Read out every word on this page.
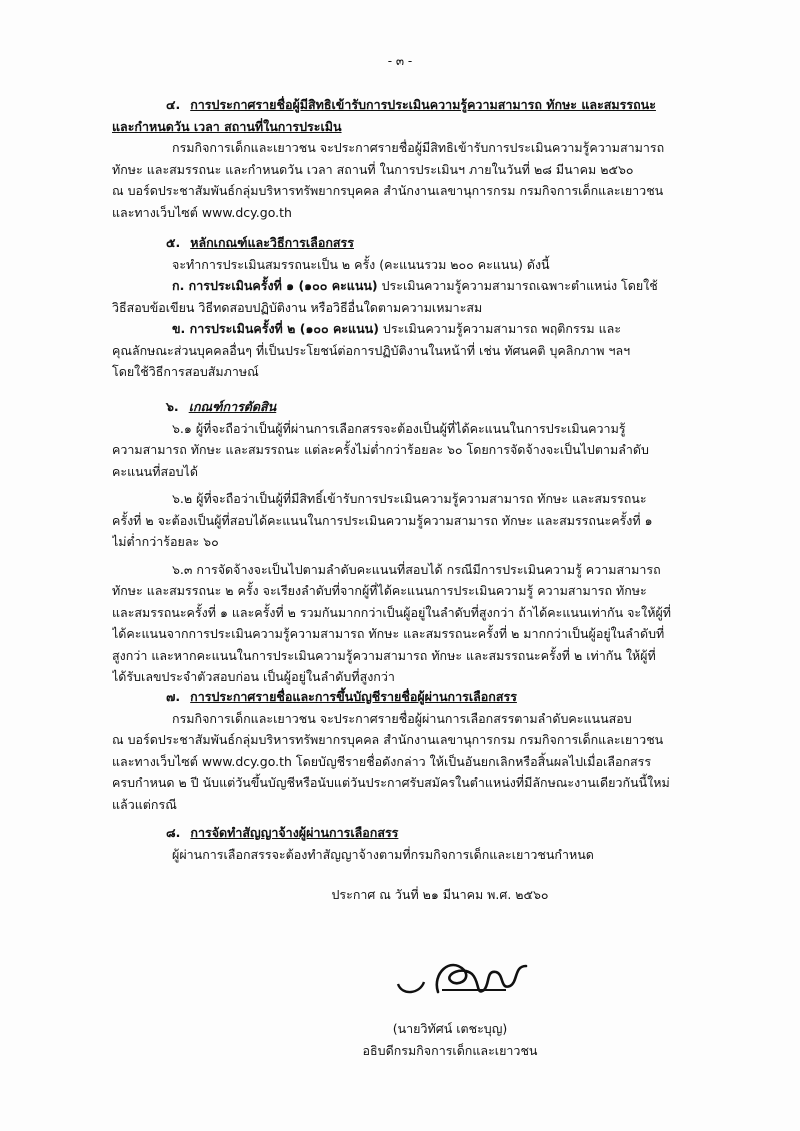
- ๓ -
๔. การประกาศรายชื่อผู้มีสิทธิเข้ารับการประเมินความรู้ความสามารถ ทักษะ และสมรรถนะ
และกำหนดวัน เวลา สถานที่ในการประเมิน
กรมกิจการเด็กและเยาวชน จะประกาศรายชื่อผู้มีสิทธิเข้ารับการประเมินความรู้ความสามารถ
ทักษะ และสมรรถนะ และกำหนดวัน เวลา สถานที่ ในการประเมินฯ ภายในวันที่ ๒๘ มีนาคม ๒๕๖๐
ณ บอร์ดประชาสัมพันธ์กลุ่มบริหารทรัพยากรบุคคล สำนักงานเลขานุการกรม กรมกิจการเด็กและเยาวชน
และทางเว็บไซต์ www.dcy.go.th
๕. หลักเกณฑ์และวิธีการเลือกสรร
จะทำการประเมินสมรรถนะเป็น ๒ ครั้ง (คะแนนรวม ๒๐๐ คะแนน) ดังนี้
ก. การประเมินครั้งที่ ๑ (๑๐๐ คะแนน) ประเมินความรู้ความสามารถเฉพาะตำแหน่ง โดยใช้
วิธีสอบข้อเขียน วิธีทดสอบปฏิบัติงาน หรือวิธีอื่นใดตามความเหมาะสม
ข. การประเมินครั้งที่ ๒ (๑๐๐ คะแนน) ประเมินความรู้ความสามารถ พฤติกรรม และ
คุณลักษณะส่วนบุคคลอื่นๆ ที่เป็นประโยชน์ต่อการปฏิบัติงานในหน้าที่ เช่น ทัศนคติ บุคลิกภาพ ฯลฯ
โดยใช้วิธีการสอบสัมภาษณ์
๖. เกณฑ์การตัดสิน
๖.๑ ผู้ที่จะถือว่าเป็นผู้ที่ผ่านการเลือกสรรจะต้องเป็นผู้ที่ได้คะแนนในการประเมินความรู้
ความสามารถ ทักษะ และสมรรถนะ แต่ละครั้งไม่ต่ำกว่าร้อยละ ๖๐ โดยการจัดจ้างจะเป็นไปตามลำดับ
คะแนนที่สอบได้
๖.๒ ผู้ที่จะถือว่าเป็นผู้ที่มีสิทธิ์เข้ารับการประเมินความรู้ความสามารถ ทักษะ และสมรรถนะ
ครั้งที่ ๒ จะต้องเป็นผู้ที่สอบได้คะแนนในการประเมินความรู้ความสามารถ ทักษะ และสมรรถนะครั้งที่ ๑
ไม่ต่ำกว่าร้อยละ ๖๐
๖.๓ การจัดจ้างจะเป็นไปตามลำดับคะแนนที่สอบได้ กรณีมีการประเมินความรู้ ความสามารถ
ทักษะ และสมรรถนะ ๒ ครั้ง จะเรียงลำดับที่จากผู้ที่ได้คะแนนการประเมินความรู้ ความสามารถ ทักษะ
และสมรรถนะครั้งที่ ๑ และครั้งที่ ๒ รวมกันมากกว่าเป็นผู้อยู่ในลำดับที่สูงกว่า ถ้าได้คะแนนเท่ากัน จะให้ผู้ที่
ได้คะแนนจากการประเมินความรู้ความสามารถ ทักษะ และสมรรถนะครั้งที่ ๒ มากกว่าเป็นผู้อยู่ในลำดับที่
สูงกว่า และหากคะแนนในการประเมินความรู้ความสามารถ ทักษะ และสมรรถนะครั้งที่ ๒ เท่ากัน ให้ผู้ที่
ได้รับเลขประจำตัวสอบก่อน เป็นผู้อยู่ในลำดับที่สูงกว่า
๗. การประกาศรายชื่อและการขึ้นบัญชีรายชื่อผู้ผ่านการเลือกสรร
กรมกิจการเด็กและเยาวชน จะประกาศรายชื่อผู้ผ่านการเลือกสรรตามลำดับคะแนนสอบ
ณ บอร์ดประชาสัมพันธ์กลุ่มบริหารทรัพยากรบุคคล สำนักงานเลขานุการกรม กรมกิจการเด็กและเยาวชน
และทางเว็บไซต์ www.dcy.go.th โดยบัญชีรายชื่อดังกล่าว ให้เป็นอันยกเลิกหรือสิ้นผลไปเมื่อเลือกสรร
ครบกำหนด ๒ ปี นับแต่วันขึ้นบัญชีหรือนับแต่วันประกาศรับสมัครในตำแหน่งที่มีลักษณะงานเดียวกันนี้ใหม่
แล้วแต่กรณี
๘. การจัดทำสัญญาจ้างผู้ผ่านการเลือกสรร
ผู้ผ่านการเลือกสรรจะต้องทำสัญญาจ้างตามที่กรมกิจการเด็กและเยาวชนกำหนด
ประกาศ ณ วันที่ ๒๑ มีนาคม พ.ศ. ๒๕๖๐
(นายวิทัศน์ เตชะบุญ)
อธิบดีกรมกิจการเด็กและเยาวชน
